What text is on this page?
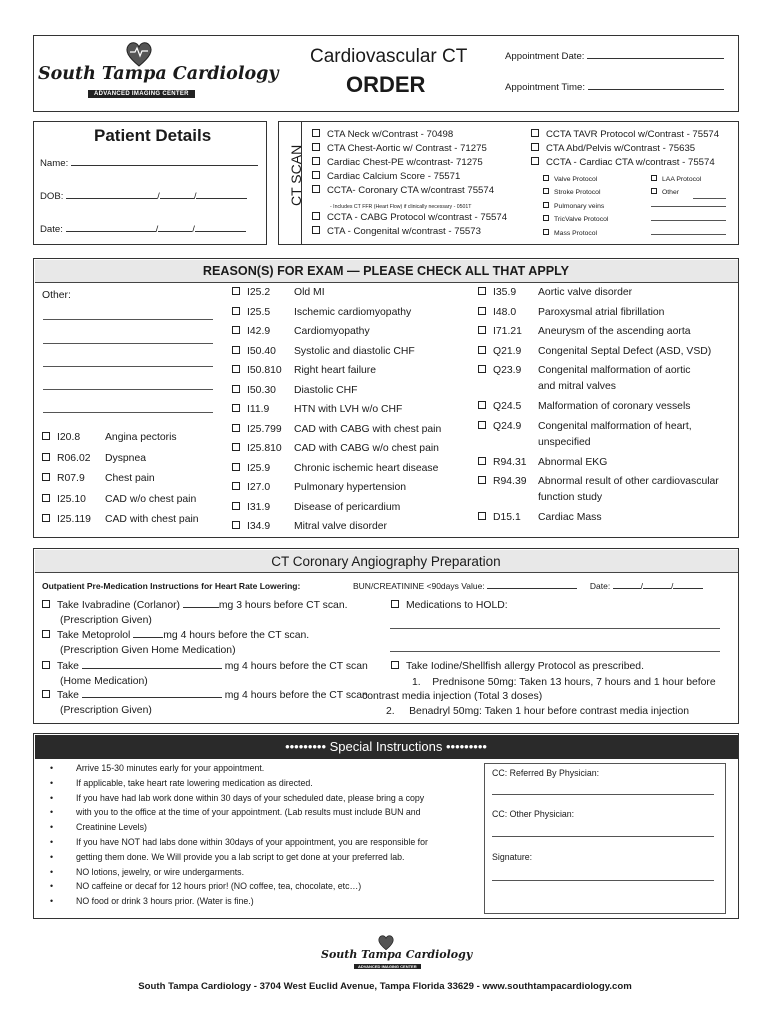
South Tampa Cardiology
ADVANCED IMAGING CENTER
Cardiovascular CT
ORDER
Appointment Date:
Appointment Time:
Patient Details
Name:
DOB:	/	/
Date:	/	/
CT SCAN
CTA Neck w/Contrast - 70498
CTA Chest-Aortic w/ Contrast - 71275
Cardiac Chest-PE w/contrast- 71275
Cardiac Calcium Score - 75571
CCTA- Coronary CTA w/contrast 75574
CCTA - CABG Protocol w/contrast - 75574
CTA - Congenital w/contrast - 75573
- Includes CT FFR (Heart Flow) if clinically necessary - 0501T
CCTA TAVR Protocol w/Contrast - 75574
CTA Abd/Pelvis w/Contrast - 75635
CCTA - Cardiac CTA w/contrast - 75574
Valve Protocol	LAA Protocol
Stroke Protocol	Other
Pulmonary veins
TricValve Protocol
Mass Protocol
REASON(S) FOR EXAM — PLEASE CHECK ALL THAT APPLY
Other:
I20.8 Angina pectoris
R06.02 Dyspnea
R07.9 Chest pain
I25.10 CAD w/o chest pain
I25.119 CAD with chest pain
I25.2 Old MI
I25.5 Ischemic cardiomyopathy
I42.9 Cardiomyopathy
I50.40 Systolic and diastolic CHF
I50.810 Right heart failure
I50.30 Diastolic CHF
I11.9 HTN with LVH w/o CHF
I25.799 CAD with CABG with chest pain
I25.810 CAD with CABG w/o chest pain
I25.9 Chronic ischemic heart disease
I27.0 Pulmonary hypertension
I31.9 Disease of pericardium
I34.9 Mitral valve disorder
I35.9 Aortic valve disorder
I48.0 Paroxysmal atrial fibrillation
I71.21 Aneurysm of the ascending aorta
Q21.9 Congenital Septal Defect (ASD, VSD)
Q23.9 Congenital malformation of aortic
and mitral valves
Q24.5 Malformation of coronary vessels
Q24.9 Congenital malformation of heart,
unspecified
R94.31 Abnormal EKG
R94.39 Abnormal result of other cardiovascular
function study
D15.1 Cardiac Mass
CT Coronary Angiography Preparation
Outpatient Pre-Medication Instructions for Heart Rate Lowering:	BUN/CREATININE <90days Value:	Date:	/	/
Take Ivabradine (Corlanor)	mg 3 hours before CT scan.
(Prescription Given)
Take Metoprolol	mg 4 hours before the CT scan.
(Prescription Given Home Medication)
Take	mg 4 hours before the CT scan
(Home Medication)
Take	mg 4 hours before the CT scan
(Prescription Given)
Medications to HOLD:
Take Iodine/Shellfish allergy Protocol as prescribed.
1. Prednisone 50mg: Taken 13 hours, 7 hours and 1 hour before
contrast media injection (Total 3 doses)
2. Benadryl 50mg: Taken 1 hour before contrast media injection
••••••••• Special Instructions •••••••••
•	Arrive 15-30 minutes early for your appointment.
•	If applicable, take heart rate lowering medication as directed.
•	If you have had lab work done within 30 days of your scheduled date, please bring a copy
•	with you to the office at the time of your appointment. (Lab results must include BUN and
•	Creatinine Levels)
•	If you have NOT had labs done within 30days of your appointment, you are responsible for
•	getting them done. We Will provide you a lab script to get done at your preferred lab.
•	NO lotions, jewelry, or wire undergarments.
•	NO caffeine or decaf for 12 hours prior! (NO coffee, tea, chocolate, etc…)
•	NO food or drink 3 hours prior. (Water is fine.)
CC: Referred By Physician:
CC: Other Physician:
Signature:
South Tampa Cardiology
ADVANCED IMAGING CENTER
South Tampa Cardiology - 3704 West Euclid Avenue, Tampa Florida 33629 - www.southtampacardiology.com
